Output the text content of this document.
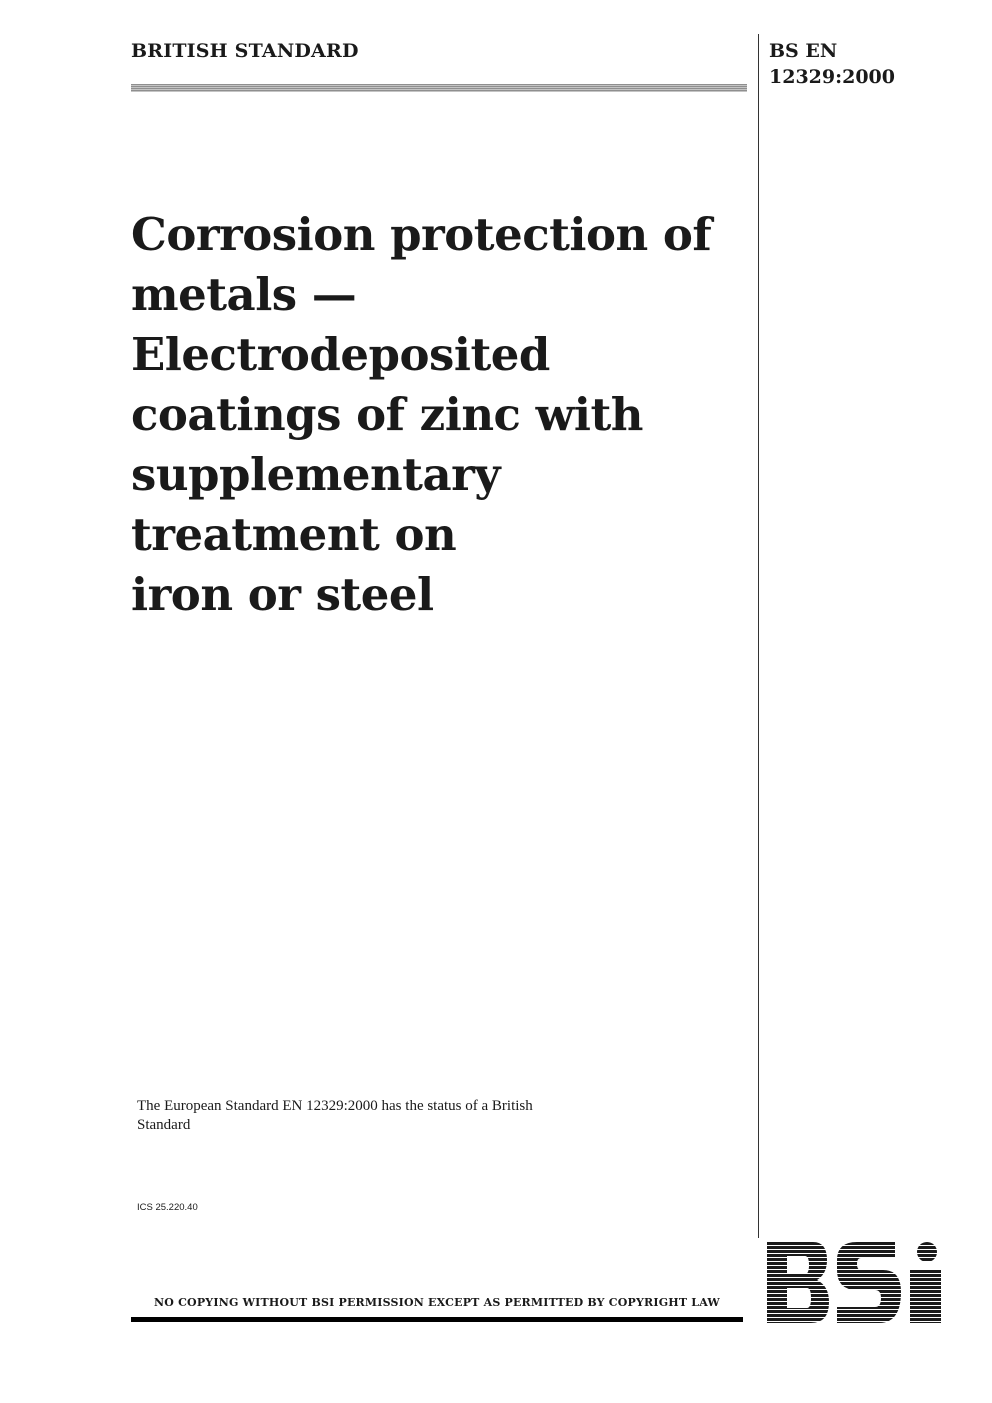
BRITISH STANDARD	BS EN
12329:2000
Corrosion protection of
metals —
Electrodeposited
coatings of zinc with
supplementary
treatment on
iron or steel
The European Standard EN 12329:2000 has the status of a British Standard
ICS 25.220.40
NO COPYING WITHOUT BSI PERMISSION EXCEPT AS PERMITTED BY COPYRIGHT LAW
